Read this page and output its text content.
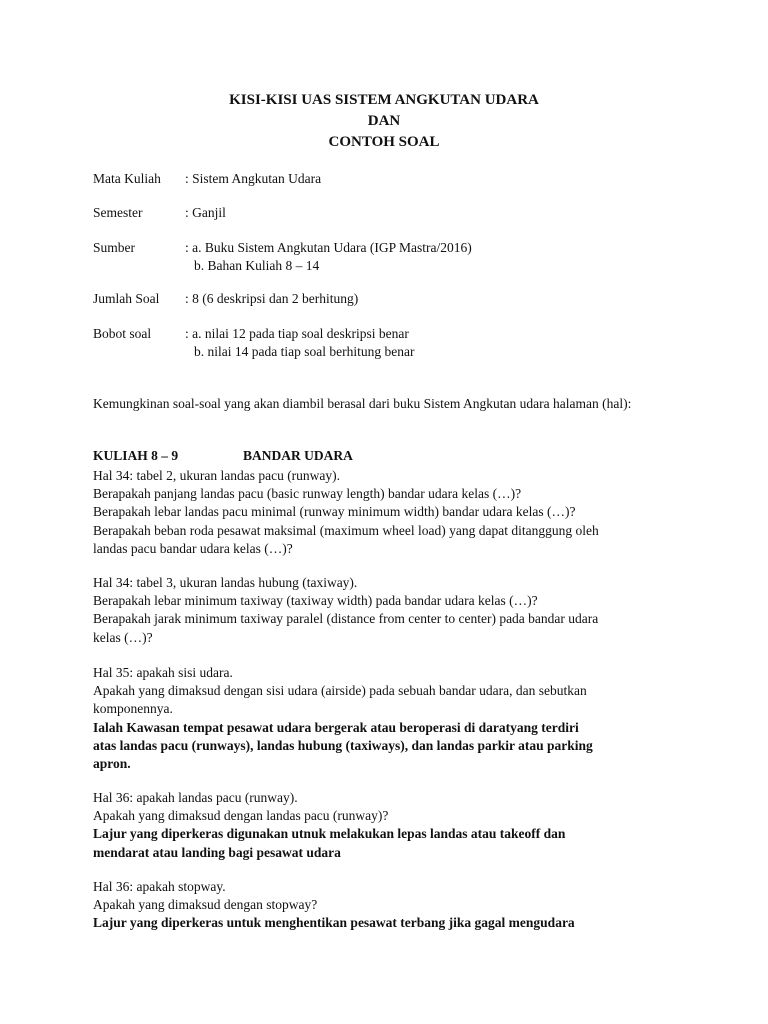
KISI-KISI UAS SISTEM ANGKUTAN UDARA
DAN
CONTOH SOAL
Mata Kuliah : Sistem Angkutan Udara
Semester	: Ganjil
Sumber	: a. Buku Sistem Angkutan Udara (IGP Mastra/2016)
b. Bahan Kuliah 8 – 14
Jumlah Soal : 8 (6 deskripsi dan 2 berhitung)
Bobot soal	: a. nilai 12 pada tiap soal deskripsi benar
b. nilai 14 pada tiap soal berhitung benar
Kemungkinan soal-soal yang akan diambil berasal dari buku Sistem Angkutan udara halaman (hal):
KULIAH 8 – 9	BANDAR UDARA
Hal 34: tabel 2, ukuran landas pacu (runway).
Berapakah panjang landas pacu (basic runway length) bandar udara kelas (…)?
Berapakah lebar landas pacu minimal (runway minimum width) bandar udara kelas (…)?
Berapakah beban roda pesawat maksimal (maximum wheel load) yang dapat ditanggung oleh
landas pacu bandar udara kelas (…)?
Hal 34: tabel 3, ukuran landas hubung (taxiway).
Berapakah lebar minimum taxiway (taxiway width) pada bandar udara kelas (…)?
Berapakah jarak minimum taxiway paralel (distance from center to center) pada bandar udara
kelas (…)?
Hal 35: apakah sisi udara.
Apakah yang dimaksud dengan sisi udara (airside) pada sebuah bandar udara, dan sebutkan
komponennya.
Ialah Kawasan tempat pesawat udara bergerak atau beroperasi di daratyang terdiri
atas landas pacu (runways), landas hubung (taxiways), dan landas parkir atau parking
apron.
Hal 36: apakah landas pacu (runway).
Apakah yang dimaksud dengan landas pacu (runway)?
Lajur yang diperkeras digunakan utnuk melakukan lepas landas atau takeoff dan
mendarat atau landing bagi pesawat udara
Hal 36: apakah stopway.
Apakah yang dimaksud dengan stopway?
Lajur yang diperkeras untuk menghentikan pesawat terbang jika gagal mengudara
